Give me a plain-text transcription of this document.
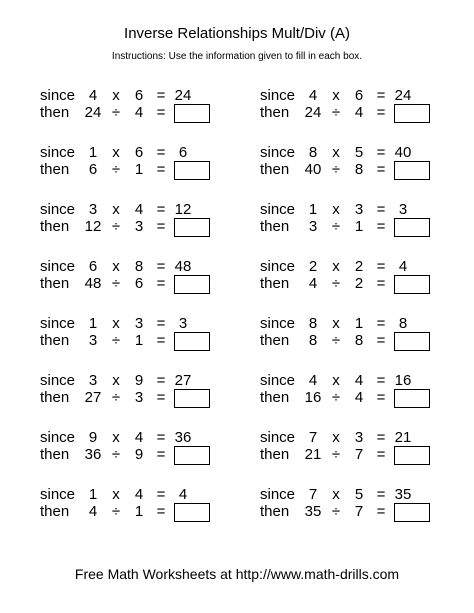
Inverse Relationships Mult/Div (A)
Instructions: Use the information given to fill in each box.
since 4	x	6 = 24
then	24 ÷ 4 =
since 4	x	6 = 24
then	24 ÷ 4 =
since 1	x	6 = 6
then	6 ÷ 1 =
since 8	x	5 = 40
then	40 ÷ 8 =
since 3	x	4 = 12
then	12 ÷ 3 =
since 1	x	3 = 3
then	3 ÷ 1 =
since 6	x	8 = 48
then	48 ÷ 6 =
since 2	x	2 = 4
then	4 ÷ 2 =
since 1	x	3 = 3
then	3 ÷ 1 =
since 8	x	1 = 8
then	8 ÷ 8 =
since 3	x	9 = 27
then	27 ÷ 3 =
since 4	x	4 = 16
then	16 ÷ 4 =
since 9	x	4 = 36
then	36 ÷ 9 =
since 7	x	3 = 21
then	21 ÷ 7 =
since 1	x	4 = 4
then	4 ÷ 1 =
since 7	x	5 = 35
then	35 ÷ 7 =
Free Math Worksheets at http://www.math-drills.com
